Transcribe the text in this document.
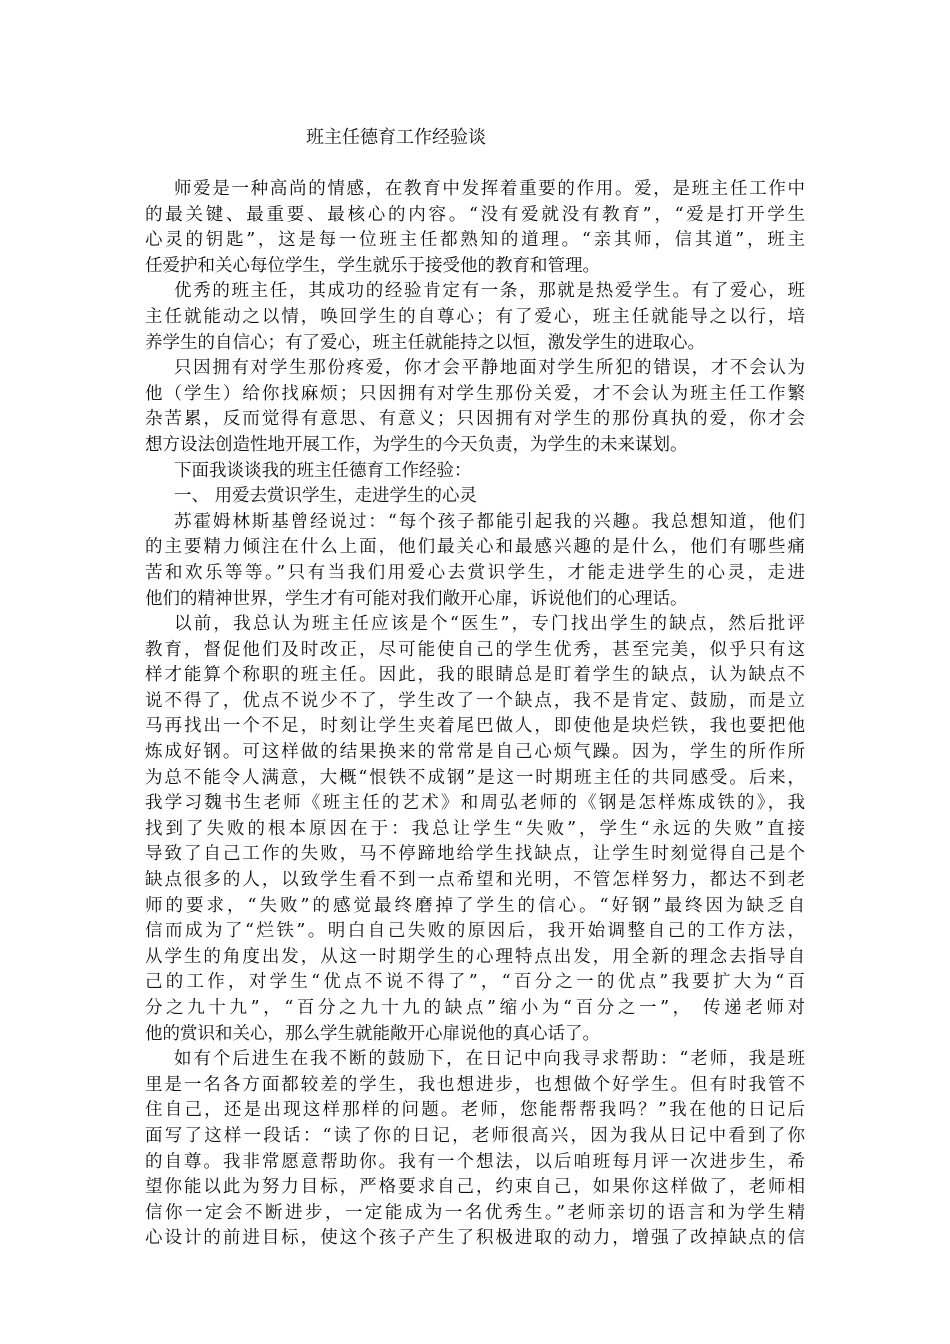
班主任德育工作经验谈
师爱是一种高尚的情感，在教育中发挥着重要的作用。爱，是班主任工作中
的最关键、最重要、最核心的内容。“没有爱就没有教育”，“爱是打开学生
心灵的钥匙”，这是每一位班主任都熟知的道理。“亲其师，信其道”，班主
任爱护和关心每位学生，学生就乐于接受他的教育和管理。
优秀的班主任，其成功的经验肯定有一条，那就是热爱学生。有了爱心，班
主任就能动之以情，唤回学生的自尊心；有了爱心，班主任就能导之以行，培
养学生的自信心；有了爱心，班主任就能持之以恒，激发学生的进取心。
只因拥有对学生那份疼爱，你才会平静地面对学生所犯的错误，才不会认为
他（学生）给你找麻烦；只因拥有对学生那份关爱，才不会认为班主任工作繁
杂苦累，反而觉得有意思、有意义；只因拥有对学生的那份真执的爱，你才会
想方设法创造性地开展工作，为学生的今天负责，为学生的未来谋划。
下面我谈谈我的班主任德育工作经验：
一、 用爱去赏识学生，走进学生的心灵
苏霍姆林斯基曾经说过：“每个孩子都能引起我的兴趣。我总想知道，他们
的主要精力倾注在什么上面，他们最关心和最感兴趣的是什么，他们有哪些痛
苦和欢乐等等。”只有当我们用爱心去赏识学生，才能走进学生的心灵，走进
他们的精神世界，学生才有可能对我们敞开心扉，诉说他们的心理话。
以前，我总认为班主任应该是个“医生”，专门找出学生的缺点，然后批评
教育，督促他们及时改正，尽可能使自己的学生优秀，甚至完美，似乎只有这
样才能算个称职的班主任。因此，我的眼睛总是盯着学生的缺点，认为缺点不
说不得了，优点不说少不了，学生改了一个缺点，我不是肯定、鼓励，而是立
马再找出一个不足，时刻让学生夹着尾巴做人，即使他是块烂铁，我也要把他
炼成好钢。可这样做的结果换来的常常是自己心烦气躁。因为，学生的所作所
为总不能令人满意，大概“恨铁不成钢”是这一时期班主任的共同感受。后来，
我学习魏书生老师《班主任的艺术》和周弘老师的《钢是怎样炼成铁的》，我
找到了失败的根本原因在于：我总让学生“失败”，学生“永远的失败”直接
导致了自己工作的失败，马不停蹄地给学生找缺点，让学生时刻觉得自己是个
缺点很多的人，以致学生看不到一点希望和光明，不管怎样努力，都达不到老
师的要求，“失败”的感觉最终磨掉了学生的信心。“好钢”最终因为缺乏自
信而成为了“烂铁”。明白自己失败的原因后，我开始调整自己的工作方法，
从学生的角度出发，从这一时期学生的心理特点出发，用全新的理念去指导自
己的工作，对学生“优点不说不得了”，“百分之一的优点”我要扩大为“百
分之九十九”，“百分之九十九的缺点”缩小为“百分之一”， 传递老师对
他的赏识和关心，那么学生就能敞开心扉说他的真心话了。
如有个后进生在我不断的鼓励下，在日记中向我寻求帮助：“老师，我是班
里是一名各方面都较差的学生，我也想进步，也想做个好学生。但有时我管不
住自己，还是出现这样那样的问题。老师，您能帮帮我吗？”我在他的日记后
面写了这样一段话：“读了你的日记，老师很高兴，因为我从日记中看到了你
的自尊。我非常愿意帮助你。我有一个想法，以后咱班每月评一次进步生，希
望你能以此为努力目标，严格要求自己，约束自己，如果你这样做了，老师相
信你一定会不断进步，一定能成为一名优秀生。”老师亲切的语言和为学生精
心设计的前进目标，使这个孩子产生了积极进取的动力，增强了改掉缺点的信
